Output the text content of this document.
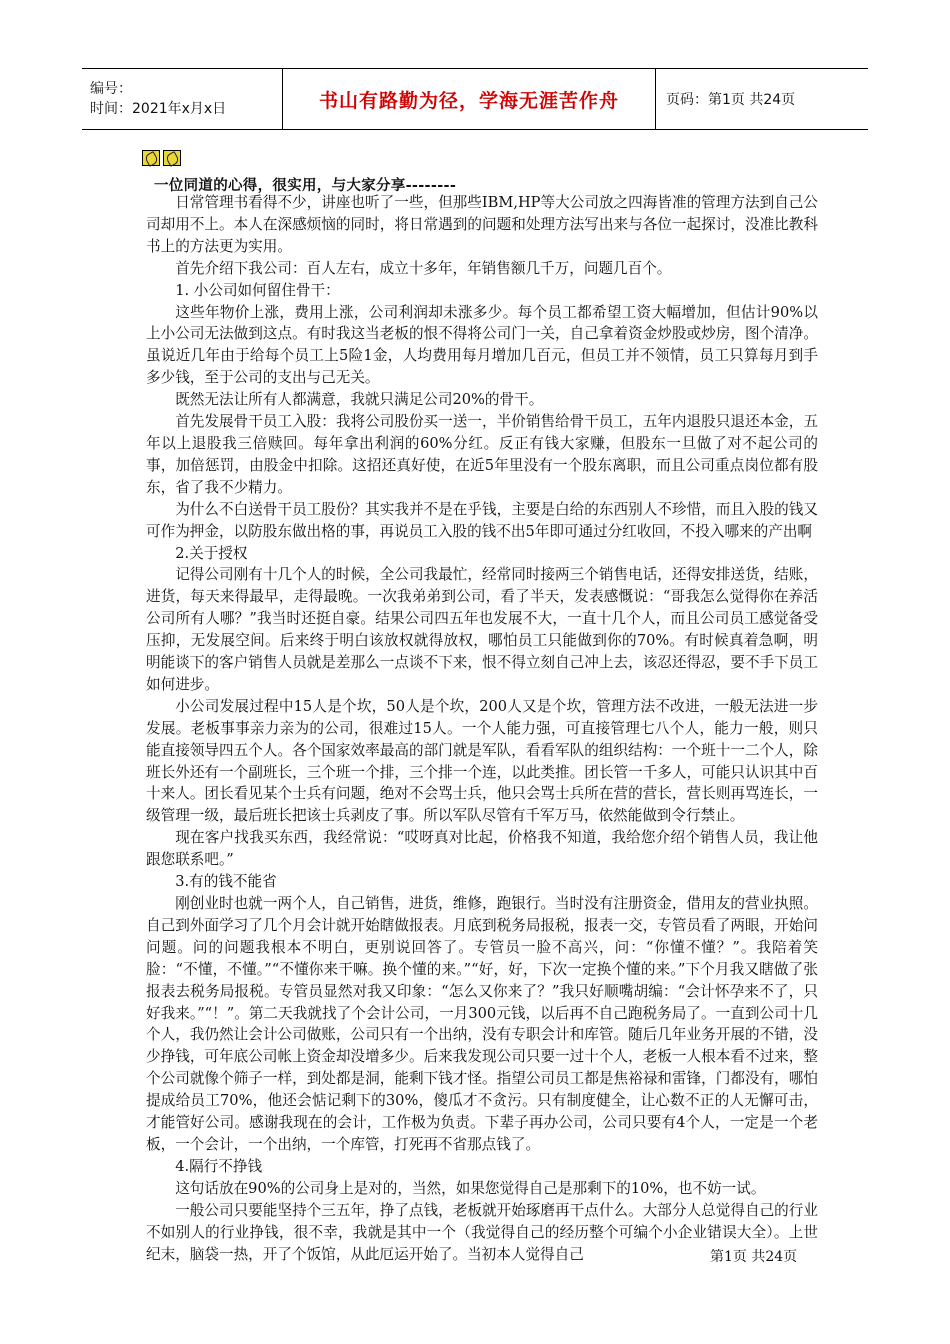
编号：
时间：2021年x月x日	书山有路勤为径，学海无涯苦作舟	页码：第1页 共24页
一位同道的心得，很实用，与大家分享--------

日常管理书看得不少，讲座也听了一些，但那些IBM,HP等大公司放之四海皆准的管理方法到自己公司却用不上。本人在深感烦恼的同时，将日常遇到的问题和处理方法写出来与各位一起探讨，没准比教科书上的方法更为实用。

首先介绍下我公司：百人左右，成立十多年，年销售额几千万，问题几百个。

1. 小公司如何留住骨干：

这些年物价上涨，费用上涨，公司利润却未涨多少。每个员工都希望工资大幅增加，但估计90%以上小公司无法做到这点。有时我这当老板的恨不得将公司门一关，自己拿着资金炒股或炒房，图个清净。虽说近几年由于给每个员工上5险1金，人均费用每月增加几百元，但员工并不领情，员工只算每月到手多少钱，至于公司的支出与己无关。

既然无法让所有人都满意，我就只满足公司20%的骨干。

首先发展骨干员工入股：我将公司股份买一送一，半价销售给骨干员工，五年内退股只退还本金，五年以上退股我三倍赎回。每年拿出利润的60%分红。反正有钱大家赚，但股东一旦做了对不起公司的事，加倍惩罚，由股金中扣除。这招还真好使，在近5年里没有一个股东离职，而且公司重点岗位都有股东，省了我不少精力。

为什么不白送骨干员工股份？其实我并不是在乎钱，主要是白给的东西别人不珍惜，而且入股的钱又可作为押金，以防股东做出格的事，再说员工入股的钱不出5年即可通过分红收回，不投入哪来的产出啊

2.关于授权

记得公司刚有十几个人的时候，全公司我最忙，经常同时接两三个销售电话，还得安排送货，结账，进货，每天来得最早，走得最晚。一次我弟弟到公司，看了半天，发表感慨说：“哥我怎么觉得你在养活公司所有人哪？”我当时还挺自豪。结果公司四五年也发展不大，一直十几个人，而且公司员工感觉备受压抑，无发展空间。后来终于明白该放权就得放权，哪怕员工只能做到你的70%。有时候真着急啊，明明能谈下的客户销售人员就是差那么一点谈不下来，恨不得立刻自己冲上去，该忍还得忍，要不手下员工如何进步。

小公司发展过程中15人是个坎，50人是个坎，200人又是个坎，管理方法不改进，一般无法进一步发展。老板事事亲力亲为的公司，很难过15人。一个人能力强，可直接管理七八个人，能力一般，则只能直接领导四五个人。各个国家效率最高的部门就是军队，看看军队的组织结构：一个班十一二个人，除班长外还有一个副班长，三个班一个排，三个排一个连，以此类推。团长管一千多人，可能只认识其中百十来人。团长看见某个士兵有问题，绝对不会骂士兵，他只会骂士兵所在营的营长，营长则再骂连长，一级管理一级，最后班长把该士兵剥皮了事。所以军队尽管有千军万马，依然能做到令行禁止。

现在客户找我买东西，我经常说：“哎呀真对比起，价格我不知道，我给您介绍个销售人员，我让他跟您联系吧。”

3.有的钱不能省

刚创业时也就一两个人，自己销售，进货，维修，跑银行。当时没有注册资金，借用友的营业执照。自己到外面学习了几个月会计就开始瞎做报表。月底到税务局报税，报表一交，专管员看了两眼，开始问问题。问的问题我根本不明白，更别说回答了。专管员一脸不高兴，问：“你懂不懂？”。我陪着笑脸：“不懂，不懂。”“不懂你来干嘛。换个懂的来。”“好，好，下次一定换个懂的来。”下个月我又瞎做了张报表去税务局报税。专管员显然对我又印象：“怎么又你来了？”我只好顺嘴胡编：“会计怀孕来不了，只好我来。”“！”。第二天我就找了个会计公司，一月300元钱，以后再不自己跑税务局了。一直到公司十几个人，我仍然让会计公司做账，公司只有一个出纳，没有专职会计和库管。随后几年业务开展的不错，没少挣钱，可年底公司帐上资金却没增多少。后来我发现公司只要一过十个人，老板一人根本看不过来，整个公司就像个筛子一样，到处都是洞，能剩下钱才怪。指望公司员工都是焦裕禄和雷锋，门都没有，哪怕提成给员工70%，他还会惦记剩下的30%，傻瓜才不贪污。只有制度健全，让心数不正的人无懈可击，才能管好公司。感谢我现在的会计，工作极为负责。下辈子再办公司，公司只要有4个人，一定是一个老板，一个会计，一个出纳，一个库管，打死再不省那点钱了。

4.隔行不挣钱

这句话放在90%的公司身上是对的，当然，如果您觉得自己是那剩下的10%，也不妨一试。

一般公司只要能坚持个三五年，挣了点钱，老板就开始琢磨再干点什么。大部分人总觉得自己的行业不如别人的行业挣钱，很不幸，我就是其中一个（我觉得自己的经历整个可编个小企业错误大全）。上世纪末，脑袋一热，开了个饭馆，从此厄运开始了。当初本人觉得自己	第1页 共24页
